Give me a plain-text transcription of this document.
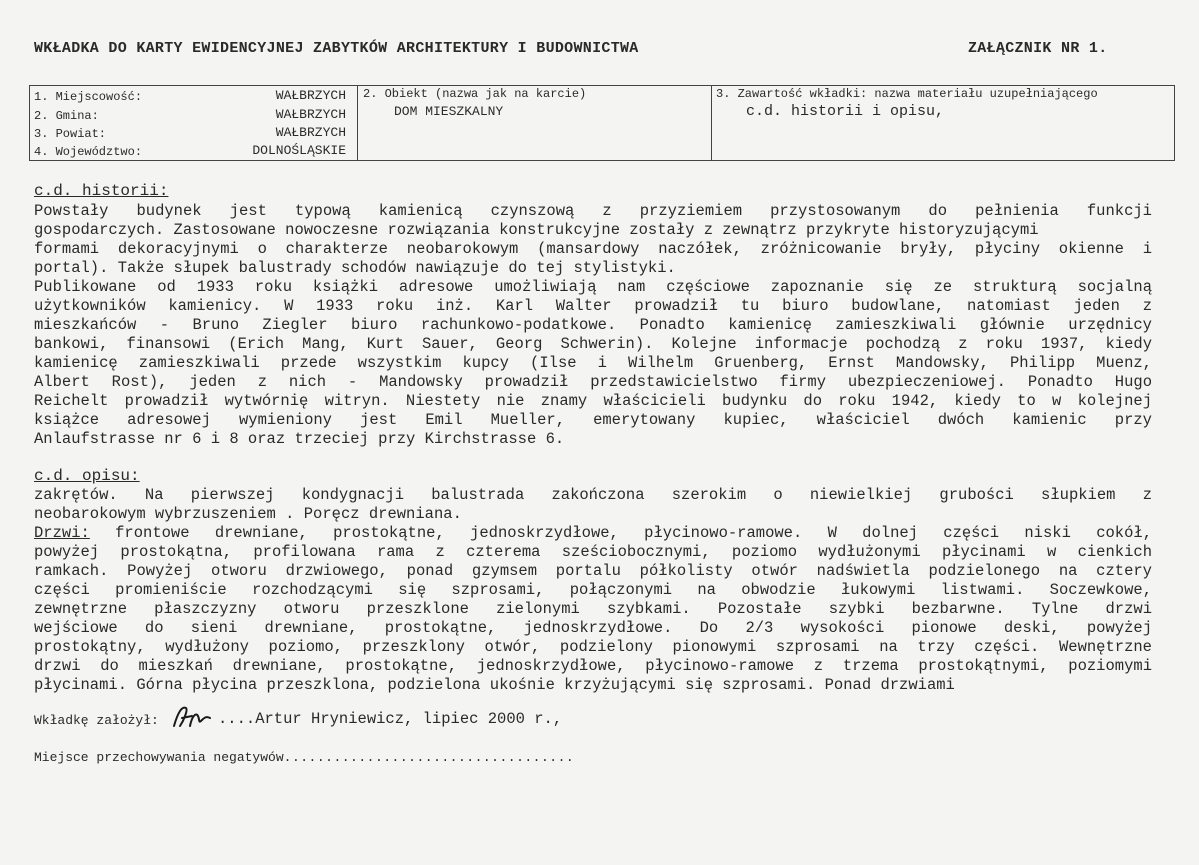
WKŁADKA DO KARTY EWIDENCYJNEJ ZABYTKÓW ARCHITEKTURY I BUDOWNICTWA	ZAŁĄCZNIK NR 1.
1. Miejscowość:	WAŁBRZYCH
2. Gmina:	WAŁBRZYCH
3. Powiat:	WAŁBRZYCH
4. Województwo:	DOLNOŚLĄSKIE
2. Obiekt (nazwa jak na karcie)
DOM MIESZKALNY
3. Zawartość wkładki: nazwa materiału uzupełniającego
c.d. historii i opisu,
c.d. historii:
Powstały budynek jest typową kamienicą czynszową z przyziemiem przystosowanym do pełnienia funkcji
gospodarczych. Zastosowane nowoczesne rozwiązania konstrukcyjne zostały z zewnątrz przykryte historyzującymi
formami dekoracyjnymi o charakterze neobarokowym (mansardowy naczółek, zróżnicowanie bryły, płyciny okienne i
portal). Także słupek balustrady schodów nawiązuje do tej stylistyki.
Publikowane od 1933 roku książki adresowe umożliwiają nam częściowe zapoznanie się ze strukturą socjalną
użytkowników kamienicy. W 1933 roku inż. Karl Walter prowadził tu biuro budowlane, natomiast jeden z
mieszkańców - Bruno Ziegler biuro rachunkowo-podatkowe. Ponadto kamienicę zamieszkiwali głównie urzędnicy
bankowi, finansowi (Erich Mang, Kurt Sauer, Georg Schwerin). Kolejne informacje pochodzą z roku 1937, kiedy
kamienicę zamieszkiwali przede wszystkim kupcy (Ilse i Wilhelm Gruenberg, Ernst Mandowsky, Philipp Muenz,
Albert Rost), jeden z nich - Mandowsky prowadził przedstawicielstwo firmy ubezpieczeniowej. Ponadto Hugo
Reichelt prowadził wytwórnię witryn. Niestety nie znamy właścicieli budynku do roku 1942, kiedy to w kolejnej
książce adresowej wymieniony jest Emil Mueller, emerytowany kupiec, właściciel dwóch kamienic przy
Anlaufstrasse nr 6 i 8 oraz trzeciej przy Kirchstrasse 6.
c.d. opisu:
zakrętów. Na pierwszej kondygnacji balustrada zakończona szerokim o niewielkiej grubości słupkiem z
neobarokowym wybrzuszeniem . Poręcz drewniana.
Drzwi: frontowe drewniane, prostokątne, jednoskrzydłowe, płycinowo-ramowe. W dolnej części niski cokół,
powyżej prostokątna, profilowana rama z czterema sześciobocznymi, poziomo wydłużonymi płycinami w cienkich
ramkach. Powyżej otworu drzwiowego, ponad gzymsem portalu półkolisty otwór nadświetla podzielonego na cztery
części promieniście rozchodzącymi się szprosami, połączonymi na obwodzie łukowymi listwami. Soczewkowe,
zewnętrzne płaszczyzny otworu przeszklone zielonymi szybkami. Pozostałe szybki bezbarwne. Tylne drzwi
wejściowe do sieni drewniane, prostokątne, jednoskrzydłowe. Do 2/3 wysokości pionowe deski, powyżej
prostokątny, wydłużony poziomo, przeszklony otwór, podzielony pionowymi szprosami na trzy części. Wewnętrzne
drzwi do mieszkań drewniane, prostokątne, jednoskrzydłowe, płycinowo-ramowe z trzema prostokątnymi, poziomymi
płycinami. Górna płycina przeszklona, podzielona ukośnie krzyżującymi się szprosami. Ponad drzwiami
Wkładkę założył:	....Artur Hryniewicz, lipiec 2000 r.,
Miejsce przechowywania negatywów...................................
